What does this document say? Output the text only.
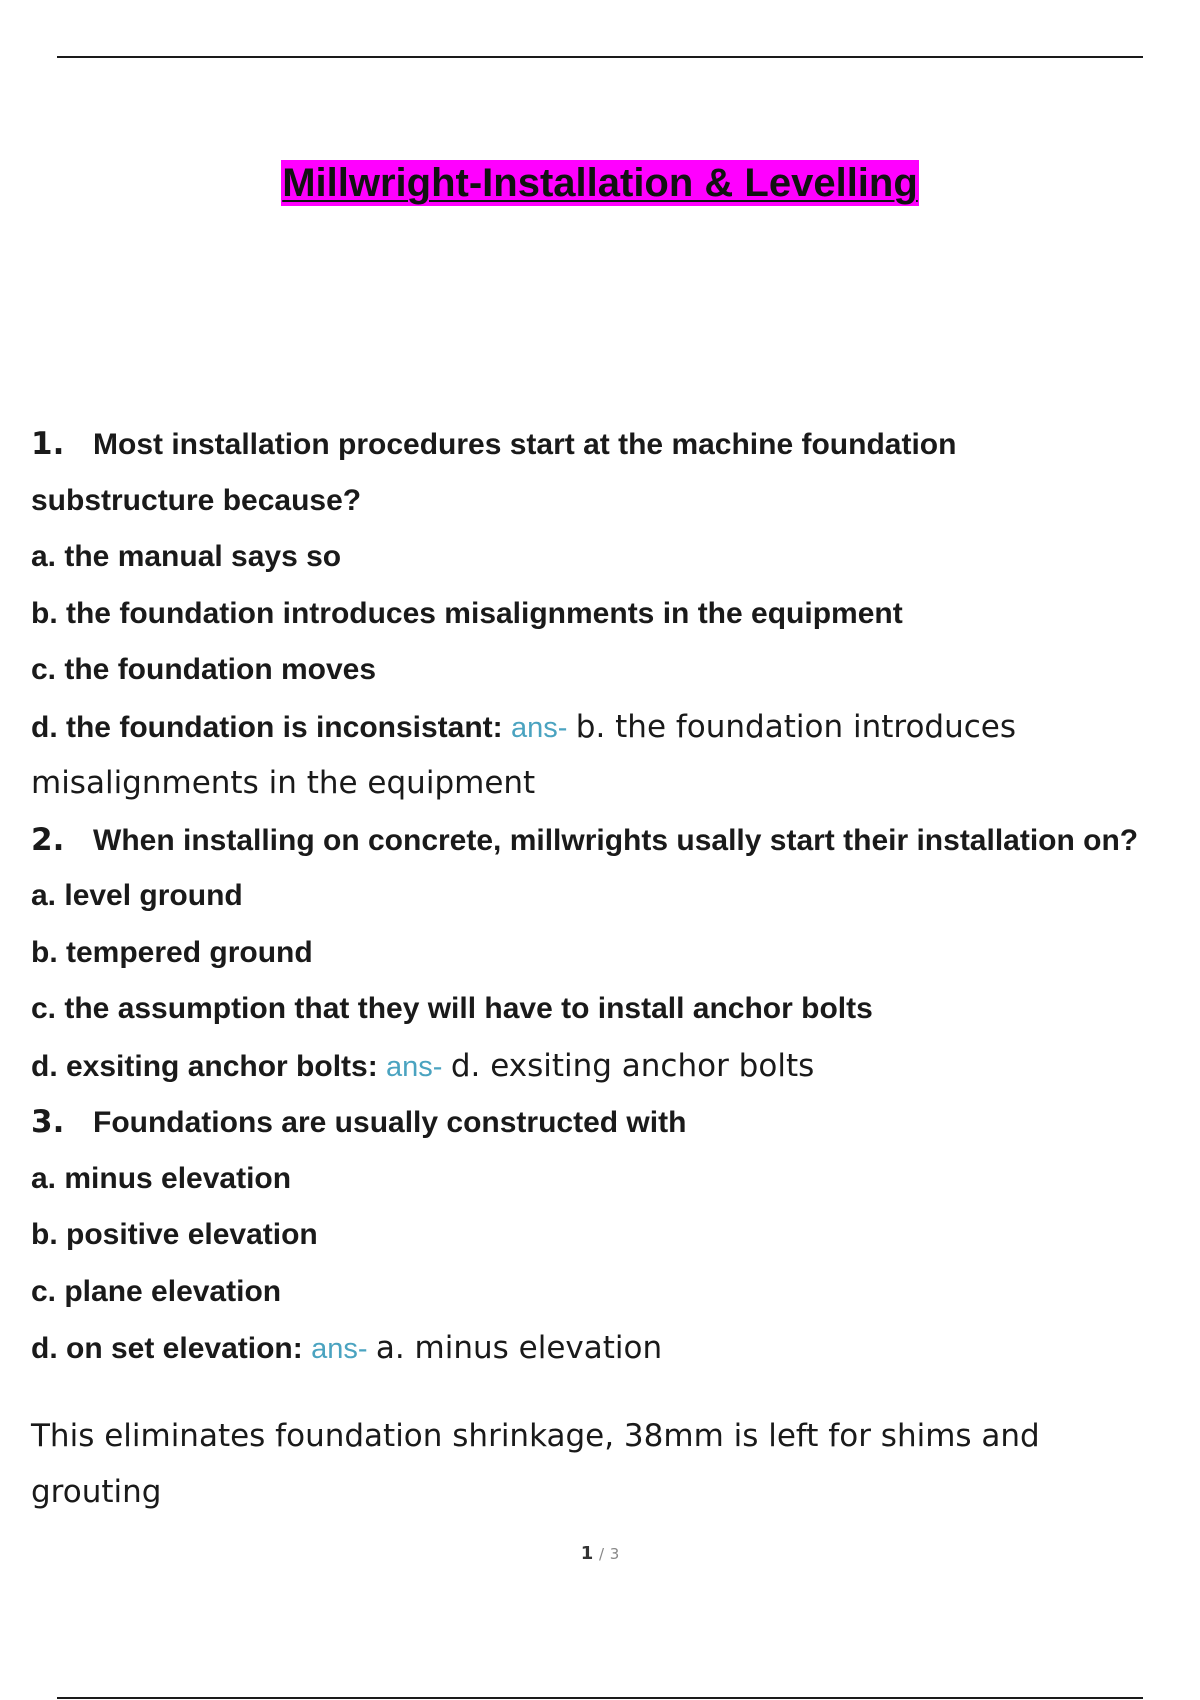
Millwright-Installation & Levelling
1. Most installation procedures start at the machine foundation
substructure because?
a. the manual says so
b. the foundation introduces misalignments in the equipment
c. the foundation moves
d. the foundation is inconsistant: ans- b. the foundation introduces
misalignments in the equipment
2. When installing on concrete, millwrights usally start their installation on?
a. level ground
b. tempered ground
c. the assumption that they will have to install anchor bolts
d. exsiting anchor bolts: ans- d. exsiting anchor bolts
3. Foundations are usually constructed with
a. minus elevation
b. positive elevation
c. plane elevation
d. on set elevation: ans- a. minus elevation
This eliminates foundation shrinkage, 38mm is left for shims and
grouting
1 / 3
